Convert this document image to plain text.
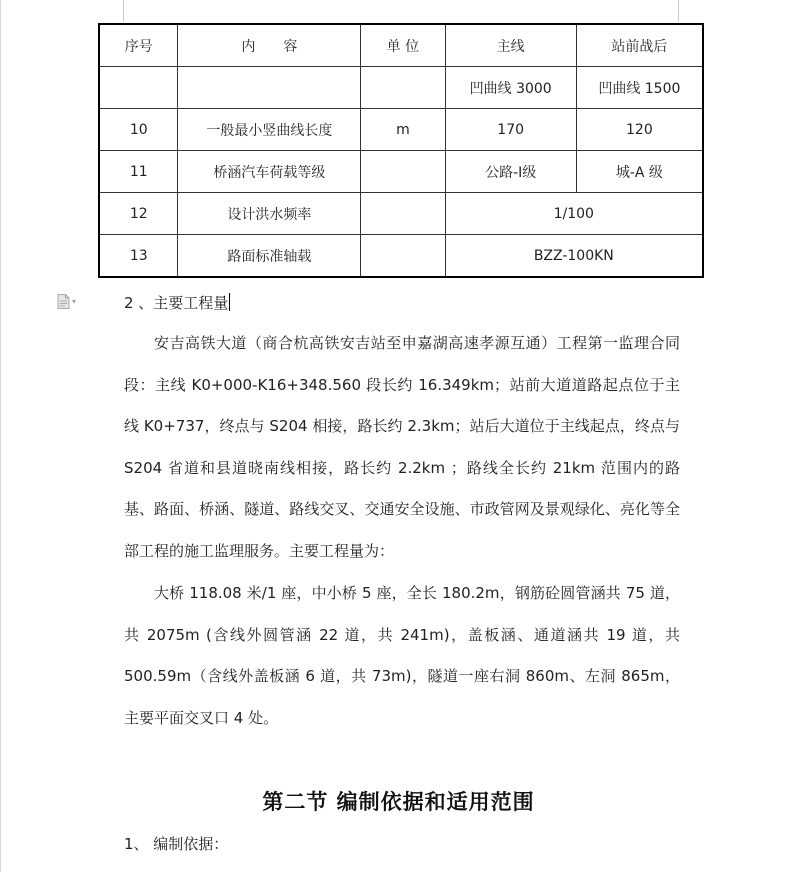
序号	内　　容	单 位	主线	站前战后
			凹曲线 3000	凹曲线 1500
10	一般最小竖曲线长度	m	170	120
11	桥涵汽车荷载等级		公路-Ⅰ级	城-A 级
12	设计洪水频率		1/100	
13	路面标准轴载		BZZ-100KN	
▾	2 、主要工程量

安吉高铁大道（商合杭高铁安吉站至申嘉湖高速孝源互通）工程第一监理合同段：主线 K0+000-K16+348.560 段长约 16.349km；站前大道道路起点位于主线 K0+737，终点与 S204 相接，路长约 2.3km；站后大道位于主线起点，终点与 S204 省道和县道晓南线相接，路长约 2.2km ；路线全长约 21km 范围内的路基、路面、桥涵、隧道、路线交叉、交通安全设施、市政管网及景观绿化、亮化等全部工程的施工监理服务。主要工程量为：

大桥 118.08 米/1 座，中小桥 5 座，全长 180.2m，钢筋砼圆管涵共 75 道，共 2075m (含线外圆管涵 22 道，共 241m)，盖板涵、通道涵共 19 道，共 500.59m（含线外盖板涵 6 道，共 73m)，隧道一座右洞 860m、左洞 865m，主要平面交叉口 4 处。

第二节 编制依据和适用范围
1、 编制依据：
